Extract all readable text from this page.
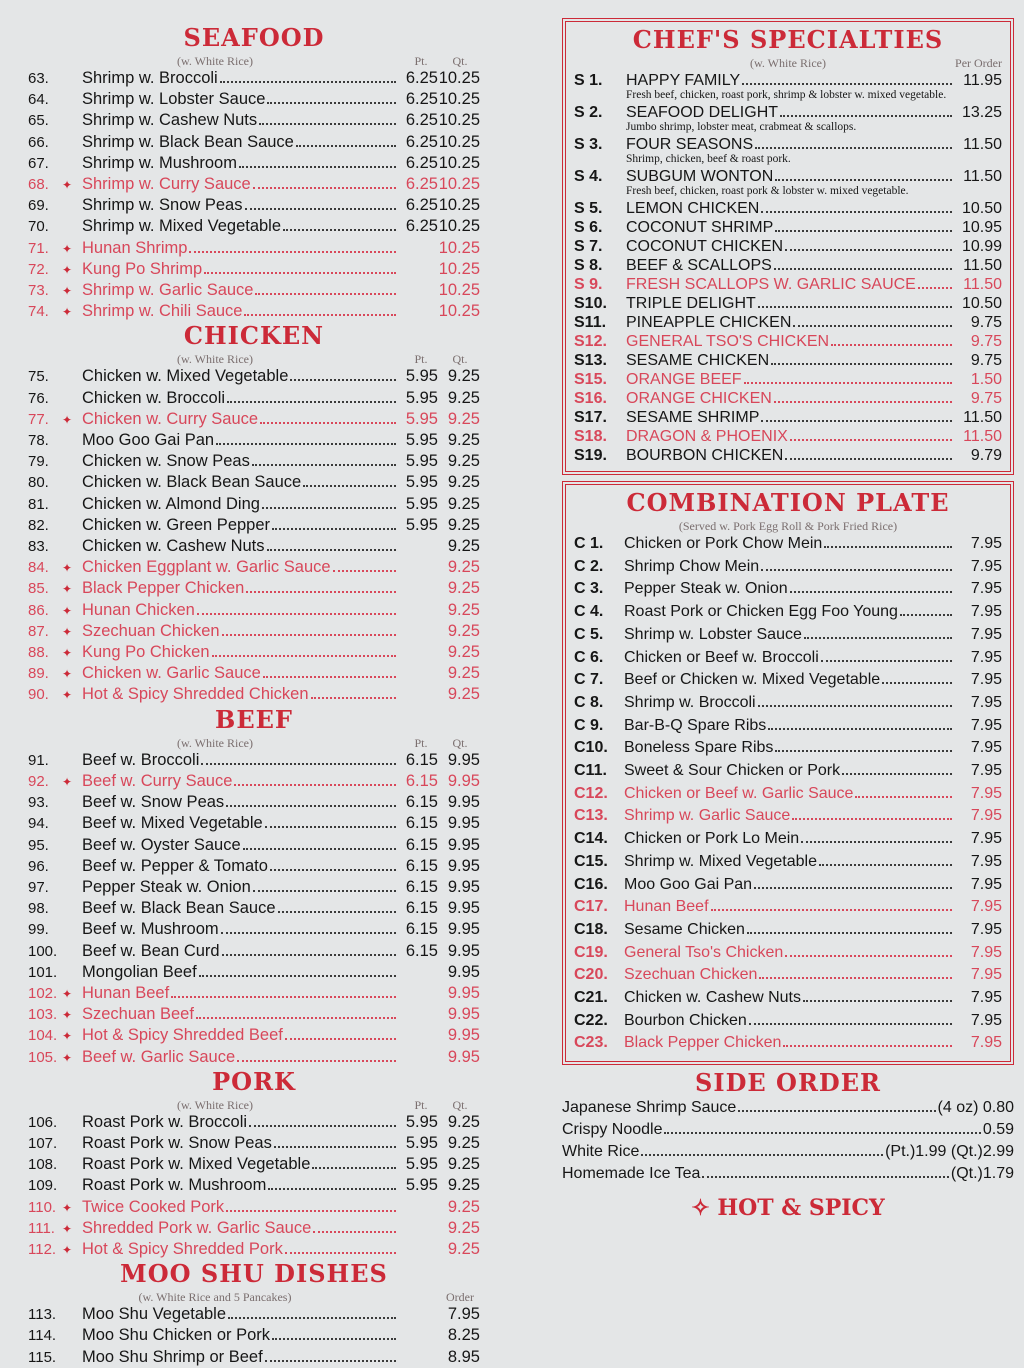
SEAFOOD
(w. White Rice)	Pt.	Qt.
63.	Shrimp w. Broccoli	6.25 10.25
64.	Shrimp w. Lobster Sauce	6.25 10.25
65.	Shrimp w. Cashew Nuts	6.25 10.25
66.	Shrimp w. Black Bean Sauce	6.25 10.25
67.	Shrimp w. Mushroom	6.25 10.25
68.	✦ Shrimp w. Curry Sauce	6.25 10.25
69.	Shrimp w. Snow Peas	6.25 10.25
70.	Shrimp w. Mixed Vegetable	6.25 10.25
71.	✦ Hunan Shrimp	10.25
72.	✦ Kung Po Shrimp	10.25
73.	✦ Shrimp w. Garlic Sauce	10.25
74.	✦ Shrimp w. Chili Sauce	10.25
CHICKEN
(w. White Rice)	Pt.	Qt.
75.	Chicken w. Mixed Vegetable	5.95 9.25
76.	Chicken w. Broccoli	5.95 9.25
77.	✦ Chicken w. Curry Sauce	5.95 9.25
78.	Moo Goo Gai Pan	5.95 9.25
79.	Chicken w. Snow Peas	5.95 9.25
80.	Chicken w. Black Bean Sauce	5.95 9.25
81.	Chicken w. Almond Ding	5.95 9.25
82.	Chicken w. Green Pepper	5.95 9.25
83.	Chicken w. Cashew Nuts	9.25
84.	✦ Chicken Eggplant w. Garlic Sauce	9.25
85.	✦ Black Pepper Chicken	9.25
86.	✦ Hunan Chicken	9.25
87.	✦ Szechuan Chicken	9.25
88.	✦ Kung Po Chicken	9.25
89.	✦ Chicken w. Garlic Sauce	9.25
90.	✦ Hot & Spicy Shredded Chicken	9.25
BEEF
(w. White Rice)	Pt.	Qt.
91.	Beef w. Broccoli	6.15 9.95
92.	✦ Beef w. Curry Sauce	6.15 9.95
93.	Beef w. Snow Peas	6.15 9.95
94.	Beef w. Mixed Vegetable	6.15 9.95
95.	Beef w. Oyster Sauce	6.15 9.95
96.	Beef w. Pepper & Tomato	6.15 9.95
97.	Pepper Steak w. Onion	6.15 9.95
98.	Beef w. Black Bean Sauce	6.15 9.95
99.	Beef w. Mushroom	6.15 9.95
100. Beef w. Bean Curd	6.15 9.95
101. Mongolian Beef	9.95
102. ✦ Hunan Beef	9.95
103. ✦ Szechuan Beef	9.95
104. ✦ Hot & Spicy Shredded Beef	9.95
105. ✦ Beef w. Garlic Sauce	9.95
PORK
(w. White Rice)	Pt.	Qt.
106. Roast Pork w. Broccoli	5.95 9.25
107. Roast Pork w. Snow Peas	5.95 9.25
108. Roast Pork w. Mixed Vegetable	5.95 9.25
109. Roast Pork w. Mushroom	5.95 9.25
110. ✦ Twice Cooked Pork	9.25
111. ✦ Shredded Pork w. Garlic Sauce	9.25
112. ✦ Hot & Spicy Shredded Pork	9.25
MOO SHU DISHES
(w. White Rice and 5 Pancakes)	Order
113.	Moo Shu Vegetable	7.95
114.	Moo Shu Chicken or Pork	8.25
115.	Moo Shu Shrimp or Beef	8.95
CHEF'S SPECIALTIES
(w. White Rice)	Per Order
S 1.	HAPPY FAMILY	11.95
Fresh beef, chicken, roast pork, shrimp & lobster w. mixed vegetable.
S 2.	SEAFOOD DELIGHT	13.25
Jumbo shrimp, lobster meat, crabmeat & scallops.
S 3.	FOUR SEASONS	11.50
Shrimp, chicken, beef & roast pork.
S 4.	SUBGUM WONTON	11.50
Fresh beef, chicken, roast pork & lobster w. mixed vegetable.
S 5.	LEMON CHICKEN	10.50
S 6.	COCONUT SHRIMP	10.95
S 7.	COCONUT CHICKEN	10.99
S 8.	BEEF & SCALLOPS	11.50
S 9.	FRESH SCALLOPS W. GARLIC SAUCE	11.50
S10.	TRIPLE DELIGHT	10.50
S11.	PINEAPPLE CHICKEN	9.75
S12.	GENERAL TSO'S CHICKEN	9.75
S13.	SESAME CHICKEN	9.75
S15.	ORANGE BEEF	1.50
S16.	ORANGE CHICKEN	9.75
S17.	SESAME SHRIMP	11.50
S18.	DRAGON & PHOENIX	11.50
S19.	BOURBON CHICKEN	9.79
COMBINATION PLATE
(Served w. Pork Egg Roll & Pork Fried Rice)
C 1.	Chicken or Pork Chow Mein	7.95
C 2.	Shrimp Chow Mein	7.95
C 3.	Pepper Steak w. Onion	7.95
C 4.	Roast Pork or Chicken Egg Foo Young	7.95
C 5.	Shrimp w. Lobster Sauce	7.95
C 6.	Chicken or Beef w. Broccoli	7.95
C 7.	Beef or Chicken w. Mixed Vegetable	7.95
C 8.	Shrimp w. Broccoli	7.95
C 9.	Bar-B-Q Spare Ribs	7.95
C10.	Boneless Spare Ribs	7.95
C11.	Sweet & Sour Chicken or Pork	7.95
C12.	Chicken or Beef w. Garlic Sauce	7.95
C13.	Shrimp w. Garlic Sauce	7.95
C14.	Chicken or Pork Lo Mein	7.95
C15.	Shrimp w. Mixed Vegetable	7.95
C16.	Moo Goo Gai Pan	7.95
C17.	Hunan Beef	7.95
C18.	Sesame Chicken	7.95
C19.	General Tso's Chicken	7.95
C20.	Szechuan Chicken	7.95
C21.	Chicken w. Cashew Nuts	7.95
C22.	Bourbon Chicken	7.95
C23.	Black Pepper Chicken	7.95
SIDE ORDER
Japanese Shrimp Sauce	(4 oz) 0.80
Crispy Noodle	0.59
White Rice	(Pt.)1.99 (Qt.)2.99
Homemade Ice Tea	(Qt.)1.79
✧ HOT & SPICY
